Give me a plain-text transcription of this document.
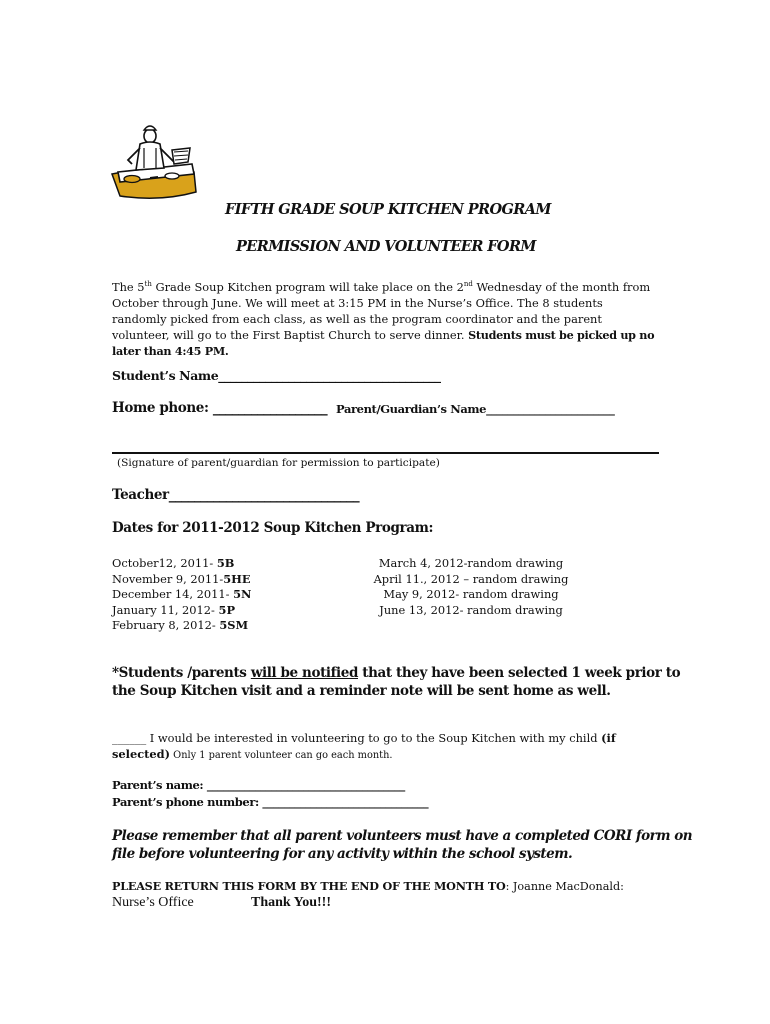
FIFTH GRADE SOUP KITCHEN PROGRAM
PERMISSION AND VOLUNTEER FORM
The 5th Grade Soup Kitchen program will take place on the 2nd Wednesday of the month from
October through June. We will meet at 3:15 PM in the Nurse’s Office. The 8 students
randomly picked from each class, as well as the program coordinator and the parent
volunteer, will go to the First Baptist Church to serve dinner. Students must be picked up no
later than 4:45 PM.
Student’s Name______________________________________
Home phone: __________________ Parent/Guardian’s Name________________________
(Signature of parent/guardian for permission to participate)
Teacher______________________________
Dates for 2011-2012 Soup Kitchen Program:
October12, 2011- 5B
November 9, 2011-5HE
December 14, 2011- 5N
January 11, 2012- 5P
February 8, 2012- 5SM
March 4, 2012-random drawing
April 11., 2012 – random drawing
May 9, 2012- random drawing
June 13, 2012- random drawing
*Students /parents will be notified that they have been selected 1 week prior to
the Soup Kitchen visit and a reminder note will be sent home as well.
______ I would be interested in volunteering to go to the Soup Kitchen with my child (if
selected) Only 1 parent volunteer can go each month.
Parent’s name: _____________________________________
Parent’s phone number: _______________________________
Please remember that all parent volunteers must have a completed CORI form on
file before volunteering for any activity within the school system.
PLEASE RETURN THIS FORM BY THE END OF THE MONTH TO: Joanne MacDonald:
Nurse’s Office	Thank You!!!
